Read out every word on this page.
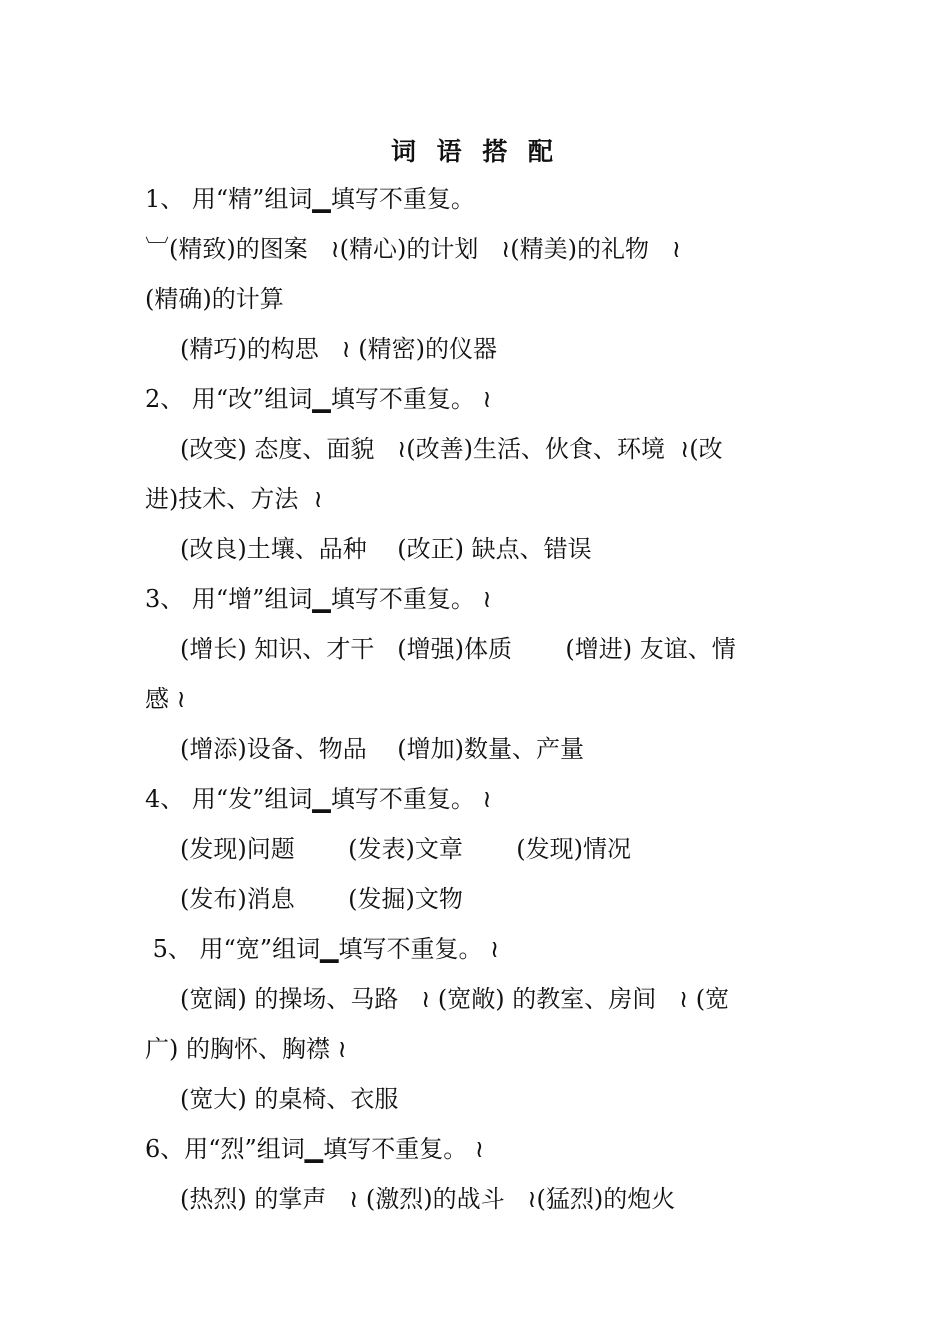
词 语 搭 配
1、 用“精”组词▁填写不重复。
︺(精致)的图案   ≀(精心)的计划   ≀(精美)的礼物   ≀
(精确)的计算
(精巧)的构思   ≀ (精密)的仪器
2、 用“改”组词▁填写不重复。 ≀
(改变) 态度、面貌   ≀(改善)生活、伙食、环境  ≀(改
进)技术、方法  ≀
(改良)土壤、品种    (改正) 缺点、错误
3、 用“增”组词▁填写不重复。 ≀
(增长) 知识、才干   (增强)体质       (增进) 友谊、情
感 ≀
(增添)设备、物品    (增加)数量、产量
4、 用“发”组词▁填写不重复。 ≀
(发现)问题       (发表)文章       (发现)情况
(发布)消息       (发掘)文物
5、 用“宽”组词▁填写不重复。 ≀
(宽阔) 的操场、马路   ≀ (宽敞) 的教室、房间   ≀ (宽
广) 的胸怀、胸襟 ≀
(宽大) 的桌椅、衣服
6、用“烈”组词▁填写不重复。 ≀
(热烈) 的掌声   ≀ (激烈)的战斗   ≀(猛烈)的炮火
